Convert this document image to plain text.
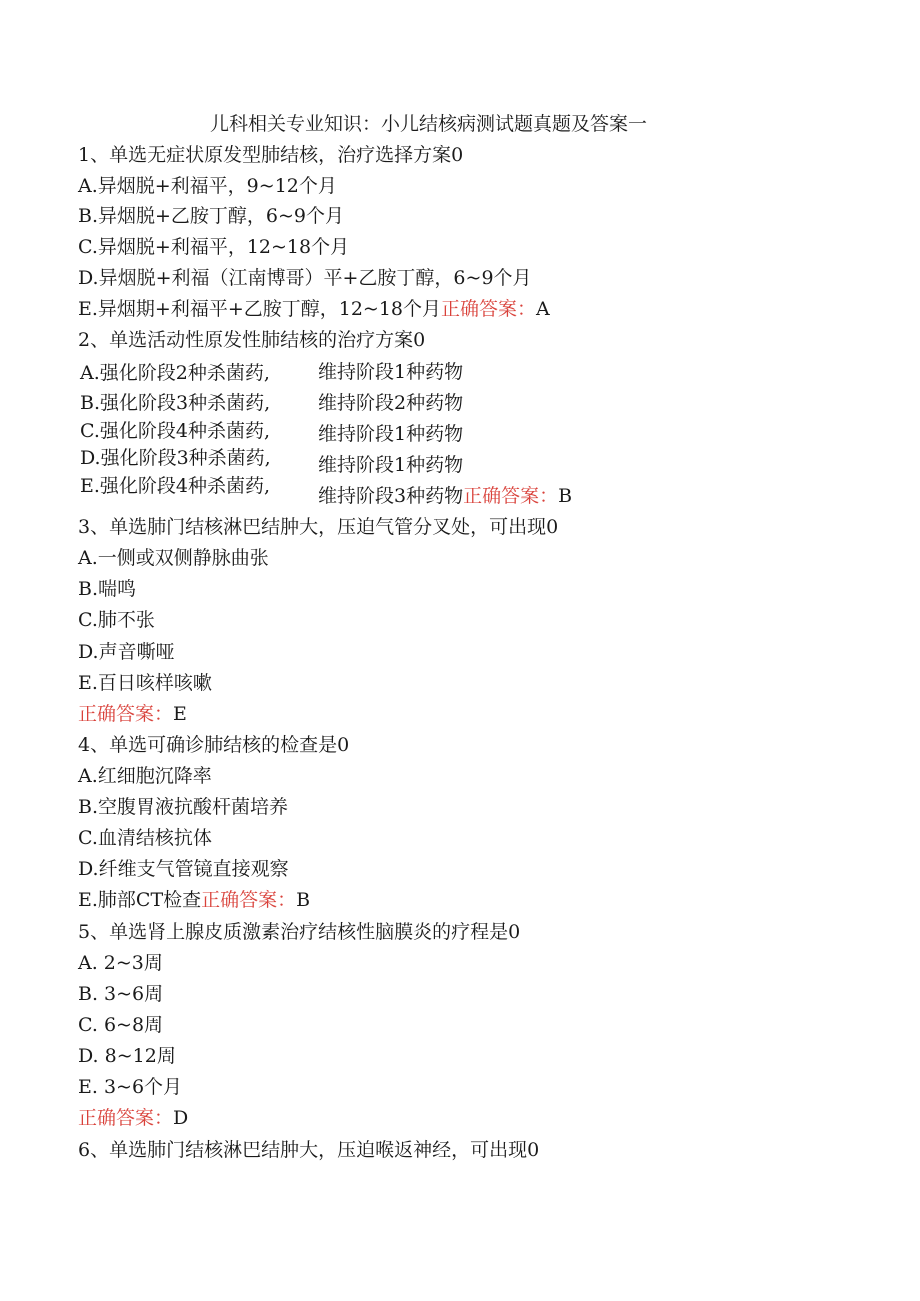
儿科相关专业知识：小儿结核病测试题真题及答案一
1、单选无症状原发型肺结核，治疗选择方案0
A.异烟脱+利福平，9~12个月
B.异烟脱+乙胺丁醇，6~9个月
C.异烟脱+利福平，12~18个月
D.异烟脱+利福（江南博哥）平+乙胺丁醇，6~9个月
E.异烟期+利福平+乙胺丁醇，12~18个月正确答案：A
2、单选活动性原发性肺结核的治疗方案0
A.强化阶段2种杀菌药,	维持阶段1种药物
B.强化阶段3种杀菌药,	维持阶段2种药物
C.强化阶段4种杀菌药,	维持阶段1种药物
D.强化阶段3种杀菌药, 维持阶段1种药物
E.强化阶段4种杀菌药,	维持阶段3种药物正确答案：B
3、单选肺门结核淋巴结肿大，压迫气管分叉处，可出现0
A.一侧或双侧静脉曲张
B.喘鸣
C.肺不张
D.声音嘶哑
E.百日咳样咳嗽
正确答案：E
4、单选可确诊肺结核的检查是0
A.红细胞沉降率
B.空腹胃液抗酸杆菌培养
C.血清结核抗体
D.纤维支气管镜直接观察
E.肺部CT检查正确答案：B
5、单选肾上腺皮质激素治疗结核性脑膜炎的疗程是0
A. 2~3周
B. 3~6周
C. 6~8周
D. 8~12周
E. 3~6个月
正确答案：D
6、单选肺门结核淋巴结肿大，压迫喉返神经，可出现0
